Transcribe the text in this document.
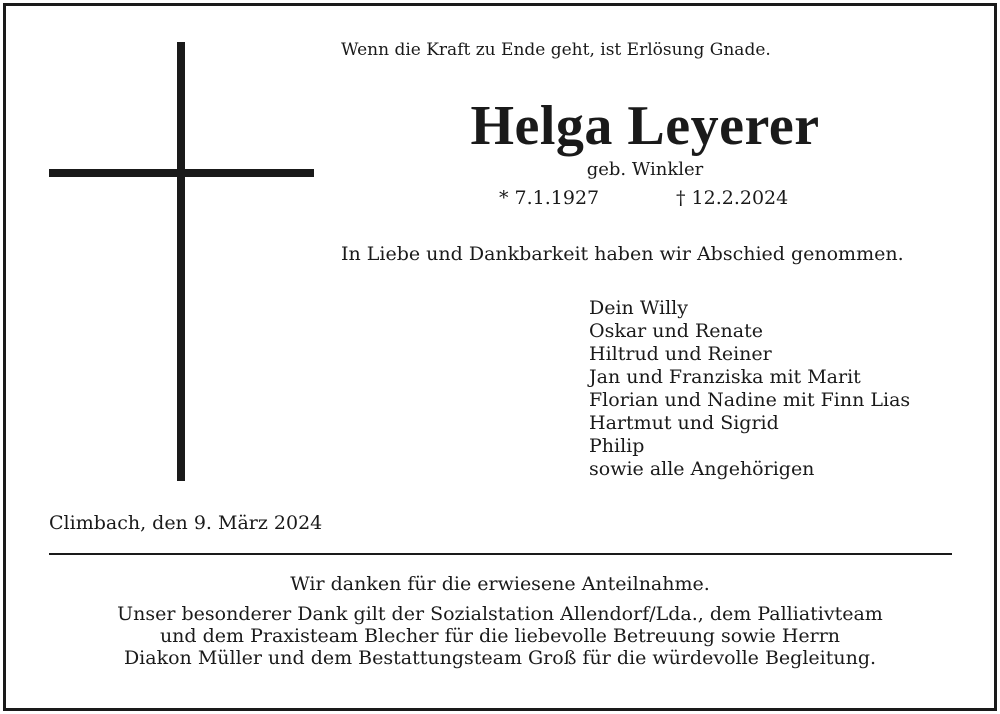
Wenn die Kraft zu Ende geht, ist Erlösung Gnade.
Helga Leyerer
geb. Winkler
* 7.1.1927	† 12.2.2024
In Liebe und Dankbarkeit haben wir Abschied genommen.
Dein Willy
Oskar und Renate
Hiltrud und Reiner
Jan und Franziska mit Marit
Florian und Nadine mit Finn Lias
Hartmut und Sigrid
Philip
sowie alle Angehörigen
Climbach, den 9. März 2024
Wir danken für die erwiesene Anteilnahme.
Unser besonderer Dank gilt der Sozialstation Allendorf/Lda., dem Palliativteam
und dem Praxisteam Blecher für die liebevolle Betreuung sowie Herrn
Diakon Müller und dem Bestattungsteam Groß für die würdevolle Begleitung.
